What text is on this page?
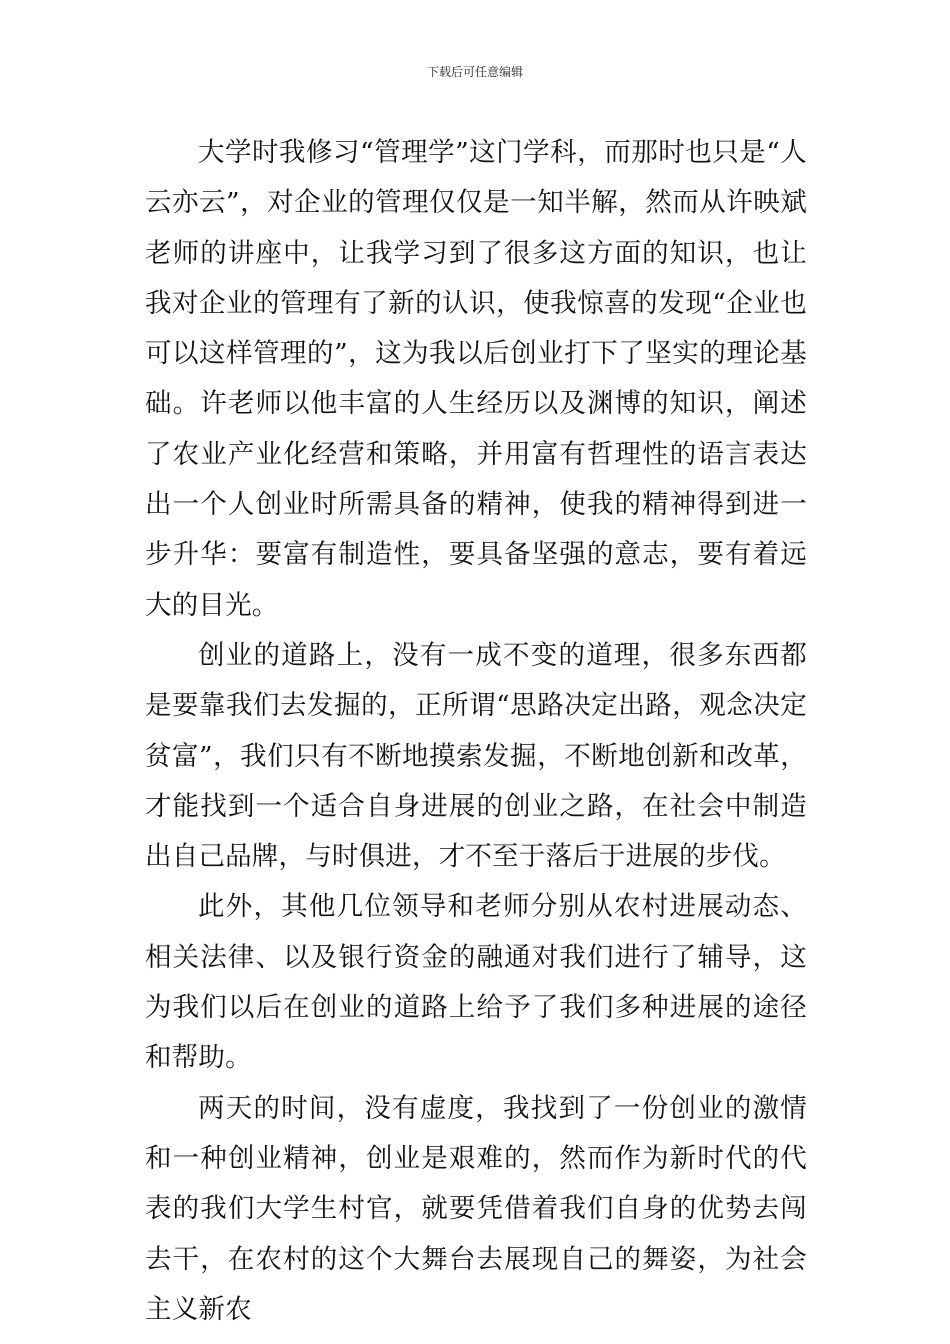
下载后可任意编辑

大学时我修习“管理学”这门学科，而那时也只是“人云亦云”，对企业的管理仅仅是一知半解，然而从许映斌老师的讲座中，让我学习到了很多这方面的知识，也让我对企业的管理有了新的认识，使我惊喜的发现“企业也可以这样管理的”，这为我以后创业打下了坚实的理论基础。许老师以他丰富的人生经历以及渊博的知识，阐述了农业产业化经营和策略，并用富有哲理性的语言表达出一个人创业时所需具备的精神，使我的精神得到进一步升华：要富有制造性，要具备坚强的意志，要有着远大的目光。

创业的道路上，没有一成不变的道理，很多东西都是要靠我们去发掘的，正所谓“思路决定出路，观念决定贫富”，我们只有不断地摸索发掘，不断地创新和改革，才能找到一个适合自身进展的创业之路，在社会中制造出自己品牌，与时俱进，才不至于落后于进展的步伐。

此外，其他几位领导和老师分别从农村进展动态、相关法律、以及银行资金的融通对我们进行了辅导，这为我们以后在创业的道路上给予了我们多种进展的途径和帮助。

两天的时间，没有虚度，我找到了一份创业的激情和一种创业精神，创业是艰难的，然而作为新时代的代表的我们大学生村官，就要凭借着我们自身的优势去闯去干，在农村的这个大舞台去展现自己的舞姿，为社会主义新农
